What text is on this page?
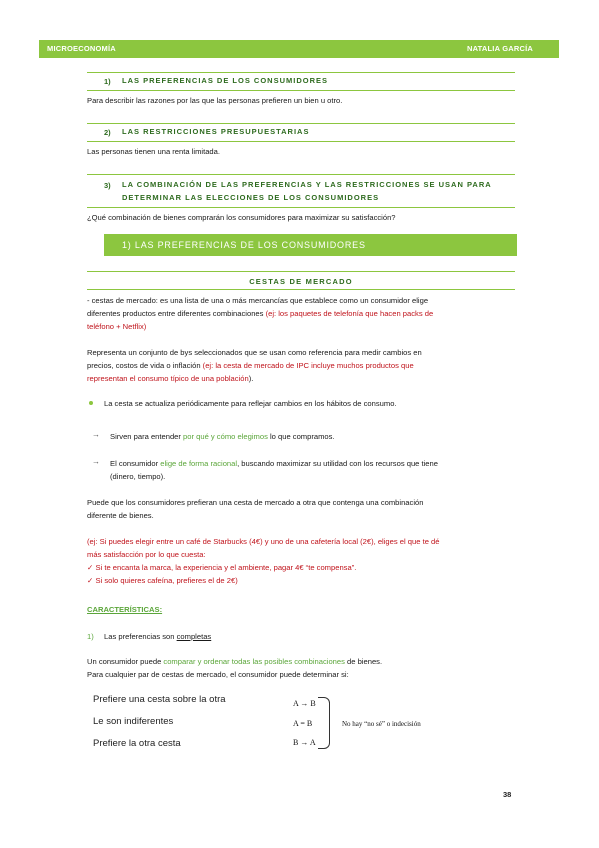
MICROECONOMÍA	NATALIA GARCÍA
1) LAS PREFERENCIAS DE LOS CONSUMIDORES
Para describir las razones por las que las personas prefieren un bien u otro.
2) LAS RESTRICCIONES PRESUPUESTARIAS
Las personas tienen una renta limitada.
3) LA COMBINACIÓN DE LAS PREFERENCIAS Y LAS RESTRICCIONES SE USAN PARA
DETERMINAR LAS ELECCIONES DE LOS CONSUMIDORES
¿Qué combinación de bienes comprarán los consumidores para maximizar su satisfacción?
1) LAS PREFERENCIAS DE LOS CONSUMIDORES
CESTAS DE MERCADO
- cestas de mercado: es una lista de una o más mercancías que establece como un consumidor elige
diferentes productos entre diferentes combinaciones (ej: los paquetes de telefonía que hacen packs de
teléfono + Netflix)
Representa un conjunto de bys seleccionados que se usan como referencia para medir cambios en
precios, costos de vida o inflación (ej: la cesta de mercado de IPC incluye muchos productos que
representan el consumo típico de una población).
La cesta se actualiza periódicamente para reflejar cambios en los hábitos de consumo.
→ Sirven para entender por qué y cómo elegimos lo que compramos.
→ El consumidor elige de forma racional, buscando maximizar su utilidad con los recursos que tiene
(dinero, tiempo).
Puede que los consumidores prefieran una cesta de mercado a otra que contenga una combinación
diferente de bienes.
(ej: Si puedes elegir entre un café de Starbucks (4€) y uno de una cafetería local (2€), eliges el que te dé
más satisfacción por lo que cuesta:
✓ Si te encanta la marca, la experiencia y el ambiente, pagar 4€ “te compensa”.
✓ Si solo quieres cafeína, prefieres el de 2€)
CARACTERÍSTICAS:
1) Las preferencias son completas
Un consumidor puede comparar y ordenar todas las posibles combinaciones de bienes.
Para cualquier par de cestas de mercado, el consumidor puede determinar si:
Prefiere una cesta sobre la otra
Le son indiferentes
Prefiere la otra cesta
A → B
A = B
B → A
No hay “no sé” o indecisión
38
